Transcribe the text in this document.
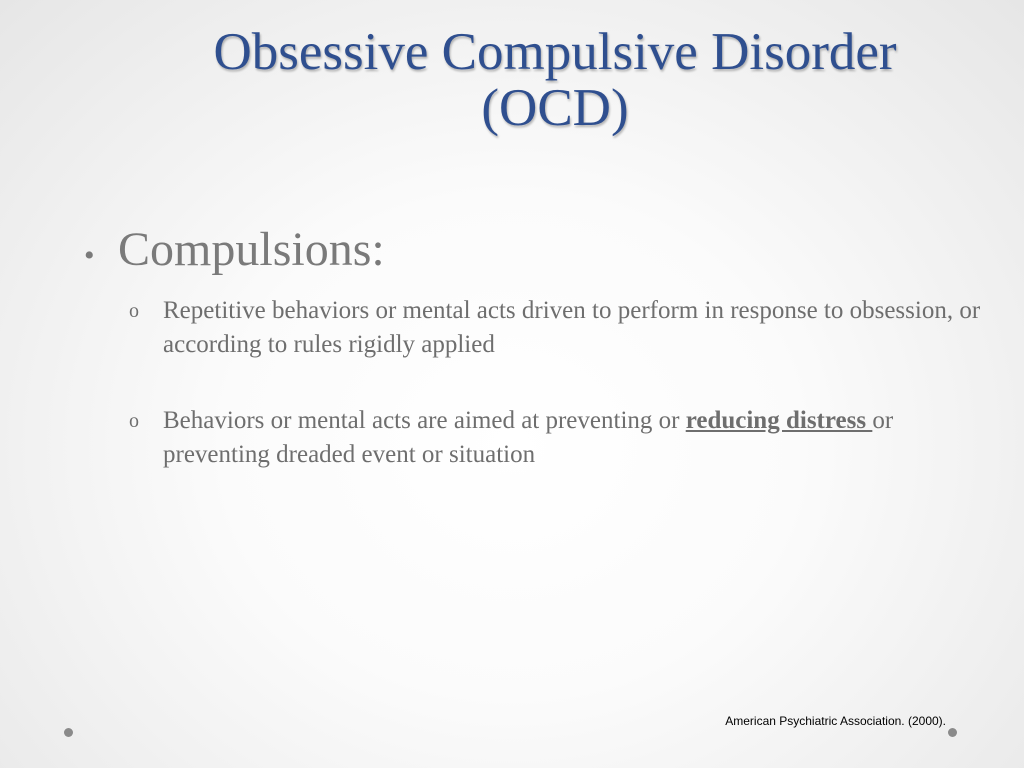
Obsessive Compulsive Disorder
(OCD)
• Compulsions:
o Repetitive behaviors or mental acts driven to perform in response to obsession, or according to rules rigidly applied
o Behaviors or mental acts are aimed at preventing or reducing distress or preventing dreaded event or situation
American Psychiatric Association. (2000).
